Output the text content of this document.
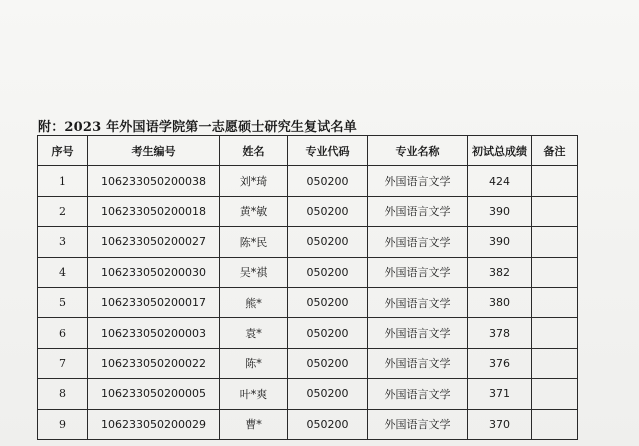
附：2023 年外国语学院第一志愿硕士研究生复试名单
序号	考生编号	姓名	专业代码	专业名称	初试总成绩	备注
1	106233050200038	刘*琦	050200	外国语言文学	424	
2	106233050200018	黄*敏	050200	外国语言文学	390	
3	106233050200027	陈*民	050200	外国语言文学	390	
4	106233050200030	吴*祺	050200	外国语言文学	382	
5	106233050200017	熊*	050200	外国语言文学	380	
6	106233050200003	袁*	050200	外国语言文学	378	
7	106233050200022	陈*	050200	外国语言文学	376	
8	106233050200005	叶*爽	050200	外国语言文学	371	
9	106233050200029	曹*	050200	外国语言文学	370	
